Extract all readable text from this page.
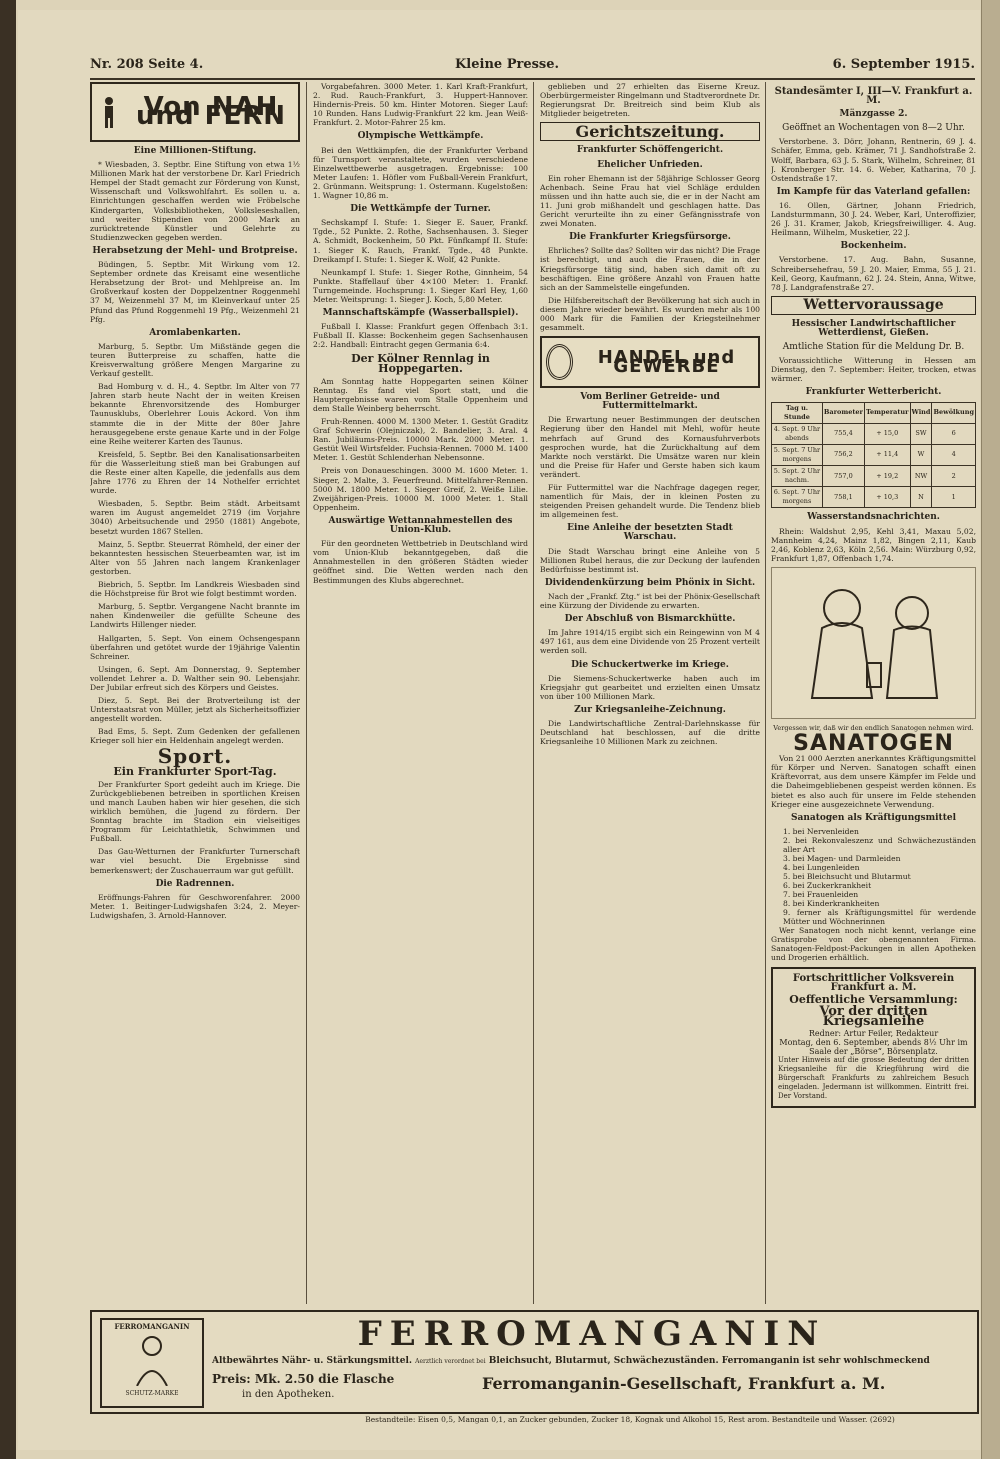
Nr. 208 Seite 4.	Kleine Presse.	6. September 1915.
Von NAH und FERN
Eine Millionen-Stiftung.

* Wiesbaden, 3. Septbr. Eine Stiftung von etwa 1½ Millionen Mark hat der verstorbene Dr. Karl Friedrich Hempel der Stadt gemacht zur Förderung von Kunst, Wissenschaft und Volkswohlfahrt. Es sollen u. a. Einrichtungen geschaffen werden wie Fröbelsche Kindergarten, Volksbibliotheken, Volksleseshallen, und weiter Stipendien von 2000 Mark an zurücktretende Künstler und Gelehrte zu Studienzwecken gegeben werden.

Herabsetzung der Mehl- und Brotpreise.

Büdingen, 5. Septbr. Mit Wirkung vom 12. September ordnete das Kreisamt eine wesentliche Herabsetzung der Brot- und Mehlpreise an. Im Großverkauf kosten der Doppelzentner Roggenmehl 37 M, Weizenmehl 37 M, im Kleinverkauf unter 25 Pfund das Pfund Roggenmehl 19 Pfg., Weizenmehl 21 Pfg.

Aromlabenkarten.

Marburg, 5. Septbr. Um Mißstände gegen die teuren Butterpreise zu schaffen, hatte die Kreisverwaltung größere Mengen Margarine zu Verkauf gestellt.

Bad Homburg v. d. H., 4. Septbr. Im Alter von 77 Jahren starb heute Nacht der in weiten Kreisen bekannte Ehrenvorsitzende des Homburger Taunusklubs, Oberlehrer Louis Ackord. Von ihm stammte die in der Mitte der 80er Jahre herausgegebene erste genaue Karte und in der Folge eine Reihe weiterer Karten des Taunus.

Kreisfeld, 5. Septbr. Bei den Kanalisationsarbeiten für die Wasserleitung stieß man bei Grabungen auf die Reste einer alten Kapelle, die jedenfalls aus dem Jahre 1776 zu Ehren der 14 Nothelfer errichtet wurde.

Wiesbaden, 5. Septbr. Beim städt. Arbeitsamt waren im August angemeldet 2719 (im Vorjahre 3040) Arbeitsuchende und 2950 (1881) Angebote, besetzt wurden 1867 Stellen.

Mainz, 5. Septbr. Steuerrat Römheld, der einer der bekanntesten hessischen Steuerbeamten war, ist im Alter von 55 Jahren nach langem Krankenlager gestorben.

Biebrich, 5. Septbr. Im Landkreis Wiesbaden sind die Höchstpreise für Brot wie folgt bestimmt worden.

Marburg, 5. Septbr. Vergangene Nacht brannte im nahen Kindenweiler die gefüllte Scheune des Landwirts Hillenger nieder.

Hallgarten, 5. Sept. Von einem Ochsengespann überfahren und getötet wurde der 19jährige Valentin Schreiner.

Usingen, 6. Sept. Am Donnerstag, 9. September vollendet Lehrer a. D. Walther sein 90. Lebensjahr. Der Jubilar erfreut sich des Körpers und Geistes.

Diez, 5. Sept. Bei der Brotverteilung ist der Unterstaatsrat von Müller, jetzt als Sicherheitsoffizier angestellt worden.

Bad Ems, 5. Sept. Zum Gedenken der gefallenen Krieger soll hier ein Heldenhain angelegt werden.

Sport.
Ein Frankfurter Sport-Tag.

Der Frankfurter Sport gedeiht auch im Kriege. Die Zurückgebliebenen betreiben in sportlichen Kreisen und manch Lauben haben wir hier gesehen, die sich wirklich bemühen, die Jugend zu fördern. Der Sonntag brachte im Stadion ein vielseitiges Programm für Leichtathletik, Schwimmen und Fußball.

Das Gau-Wetturnen der Frankfurter Turnerschaft war viel besucht. Die Ergebnisse sind bemerkenswert; der Zuschauerraum war gut gefüllt.

Die Radrennen.

Eröffnungs-Fahren für Geschworenfahrer. 2000 Meter. 1. Beitinger-Ludwigshafen 3:24, 2. Meyer-Ludwigshafen, 3. Arnold-Hannover.

Vorgabefahren. 3000 Meter. 1. Karl Kraft-Frankfurt, 2. Rud. Rauch-Frankfurt, 3. Huppert-Hannover. Hindernis-Preis. 50 km. Hinter Motoren. Sieger Lauf: 10 Runden. Hans Ludwig-Frankfurt 22 km. Jean Weiß-Frankfurt. 2. Motor-Fahrer 25 km.

Olympische Wettkämpfe.

Bei den Wettkämpfen, die der Frankfurter Verband für Turnsport veranstaltete, wurden verschiedene Einzelwettbewerbe ausgetragen. Ergebnisse: 100 Meter Laufen: 1. Höfler vom Fußball-Verein Frankfurt, 2. Grünmann. Weitsprung: 1. Ostermann. Kugelstoßen: 1. Wagner 10,86 m.

Die Wettkämpfe der Turner.

Sechskampf I. Stufe: 1. Sieger E. Sauer, Frankf. Tgde., 52 Punkte. 2. Rothe, Sachsenhausen. 3. Sieger A. Schmidt, Bockenheim, 50 Pkt. Fünfkampf II. Stufe: 1. Sieger K. Rauch, Frankf. Tgde., 48 Punkte. Dreikampf I. Stufe: 1. Sieger K. Wolf, 42 Punkte.

Neunkampf I. Stufe: 1. Sieger Rothe, Ginnheim, 54 Punkte. Staffellauf über 4×100 Meter: 1. Frankf. Turngemeinde. Hochsprung: 1. Sieger Karl Hey, 1,60 Meter. Weitsprung: 1. Sieger J. Koch, 5,80 Meter.

Mannschaftskämpfe (Wasserballspiel).

Fußball I. Klasse: Frankfurt gegen Offenbach 3:1. Fußball II. Klasse: Bockenheim gegen Sachsenhausen 2:2. Handball: Eintracht gegen Germania 6:4.

Der Kölner Rennlag in Hoppegarten.

Am Sonntag hatte Hoppegarten seinen Kölner Renntag. Es fand viel Sport statt, und die Hauptergebnisse waren vom Stalle Oppenheim und dem Stalle Weinberg beherrscht.

Fruh-Rennen. 4000 M. 1300 Meter. 1. Gestüt Graditz Graf Schwerin (Olejniczak), 2. Bandelier, 3. Aral. 4 Ran. Jubiläums-Preis. 10000 Mark. 2000 Meter. 1. Gestüt Weil Wirtsfelder. Fuchsia-Rennen. 7000 M. 1400 Meter. 1. Gestüt Schlenderhan Nebensonne.

Preis von Donaueschingen. 3000 M. 1600 Meter. 1. Sieger, 2. Malte, 3. Feuerfreund. Mittelfahrer-Rennen. 5000 M. 1800 Meter. 1. Sieger Greif, 2. Weiße Lilie. Zweijährigen-Preis. 10000 M. 1000 Meter. 1. Stall Oppenheim.

Auswärtige Wettannahmestellen des Union-Klub.

Für den geordneten Wettbetrieb in Deutschland wird vom Union-Klub bekanntgegeben, daß die Annahmestellen in den größeren Städten wieder geöffnet sind. Die Wetten werden nach den Bestimmungen des Klubs abgerechnet.

geblieben und 27 erhielten das Eiserne Kreuz. Oberbürgermeister Ringelmann und Stadtverordnete Dr. Regierungsrat Dr. Breitreich sind beim Klub als Mitglieder beigetreten.

Gerichtszeitung.
Frankfurter Schöffengericht.
Ehelicher Unfrieden.

Ein roher Ehemann ist der 58jährige Schlosser Georg Achenbach. Seine Frau hat viel Schläge erdulden müssen und ihn hatte auch sie, die er in der Nacht am 11. Juni grob mißhandelt und geschlagen hatte. Das Gericht verurteilte ihn zu einer Gefängnisstrafe von zwei Monaten.

Die Frankfurter Kriegsfürsorge.

Ehrliches? Sollte das? Sollten wir das nicht? Die Frage ist berechtigt, und auch die Frauen, die in der Kriegsfürsorge tätig sind, haben sich damit oft zu beschäftigen. Eine größere Anzahl von Frauen hatte sich an der Sammelstelle eingefunden.

Die Hilfsbereitschaft der Bevölkerung hat sich auch in diesem Jahre wieder bewährt. Es wurden mehr als 100 000 Mark für die Familien der Kriegsteilnehmer gesammelt.

HANDEL und GEWERBE
Vom Berliner Getreide- und Futtermittelmarkt.

Die Erwartung neuer Bestimmungen der deutschen Regierung über den Handel mit Mehl, wofür heute mehrfach auf Grund des Kornausfuhrverbots gesprochen wurde, hat die Zurückhaltung auf dem Markte noch verstärkt. Die Umsätze waren nur klein und die Preise für Hafer und Gerste haben sich kaum verändert.

Für Futtermittel war die Nachfrage dagegen reger, namentlich für Mais, der in kleinen Posten zu steigenden Preisen gehandelt wurde. Die Tendenz blieb im allgemeinen fest.

Eine Anleihe der besetzten Stadt Warschau.

Die Stadt Warschau bringt eine Anleihe von 5 Millionen Rubel heraus, die zur Deckung der laufenden Bedürfnisse bestimmt ist.

Dividendenkürzung beim Phönix in Sicht.

Nach der „Frankf. Ztg.“ ist bei der Phönix-Gesellschaft eine Kürzung der Dividende zu erwarten.

Der Abschluß von Bismarckhütte.

Im Jahre 1914/15 ergibt sich ein Reingewinn von M 4 497 161, aus dem eine Dividende von 25 Prozent verteilt werden soll.

Die Schuckertwerke im Kriege.

Die Siemens-Schuckertwerke haben auch im Kriegsjahr gut gearbeitet und erzielten einen Umsatz von über 100 Millionen Mark.

Zur Kriegsanleihe-Zeichnung.

Die Landwirtschaftliche Zentral-Darlehnskasse für Deutschland hat beschlossen, auf die dritte Kriegsanleihe 10 Millionen Mark zu zeichnen.

Standesämter I, III—V. Frankfurt a. M.
Mänzgasse 2.
Geöffnet an Wochentagen von 8—2 Uhr.

Verstorbene. 3. Dörr, Johann, Rentnerin, 69 J. 4. Schäfer, Emma, geb. Krämer, 71 J. Sandhofstraße 2. Wolff, Barbara, 63 J. 5. Stark, Wilhelm, Schreiner, 81 J. Kronberger Str. 14. 6. Weber, Katharina, 70 J. Ostendstraße 17.

Im Kampfe für das Vaterland gefallen:

16. Ollen, Gärtner, Johann Friedrich, Landsturmmann, 30 J. 24. Weber, Karl, Unteroffizier, 26 J. 31. Kramer, Jakob, Kriegsfreiwilliger. 4. Aug. Heilmann, Wilhelm, Musketier, 22 J.

Bockenheim.

Verstorbene. 17. Aug. Bahn, Susanne, Schreibersehefrau, 59 J. 20. Maier, Emma, 55 J. 21. Keil, Georg, Kaufmann, 62 J. 24. Stein, Anna, Witwe, 78 J. Landgrafenstraße 27.

Wettervoraussage
Hessischer Landwirtschaftlicher Wetterdienst, Gießen.
Amtliche Station für die Meldung Dr. B.

Voraussichtliche Witterung in Hessen am Dienstag, den 7. September: Heiter, trocken, etwas wärmer.

Frankfurter Wetterbericht.
Tag u. Stunde	Barometer	Temperatur	Wind	Bewölkung
4. Sept. 9 Uhr abends	755,4	+ 15,0	SW	6
5. Sept. 7 Uhr morgens	756,2	+ 11,4	W	4
5. Sept. 2 Uhr nachm.	757,0	+ 19,2	NW	2
6. Sept. 7 Uhr morgens	758,1	+ 10,3	N	1
Wasserstandsnachrichten.

Rhein: Waldshut 2,95, Kehl 3,41, Maxau 5,02, Mannheim 4,24, Mainz 1,82, Bingen 2,11, Kaub 2,46, Koblenz 2,63, Köln 2,56. Main: Würzburg 0,92, Frankfurt 1,87, Offenbach 1,74.

Vergessen wir, daß wir den endlich Sanatogen nehmen wird.
SANATOGEN

Von 21 000 Aerzten anerkanntes Kräftigungsmittel für Körper und Nerven. Sanatogen schafft einen Kräftevorrat, aus dem unsere Kämpfer im Felde und die Daheimgebliebenen gespeist werden können. Es bietet es also auch für unsere im Felde stehenden Krieger eine ausgezeichnete Verwendung.

Sanatogen als Kräftigungsmittel
1. bei Nervenleiden
2. bei Rekonvaleszenz und Schwächezuständen aller Art
3. bei Magen- und Darmleiden
4. bei Lungenleiden
5. bei Bleichsucht und Blutarmut
6. bei Zuckerkrankheit
7. bei Frauenleiden
8. bei Kinderkrankheiten
9. ferner als Kräftigungsmittel für werdende Mütter und Wöchnerinnen

Wer Sanatogen noch nicht kennt, verlange eine Gratisprobe von der obengenannten Firma. Sanatogen-Feldpost-Packungen in allen Apotheken und Drogerien erhältlich.

Fortschrittlicher Volksverein Frankfurt a. M.
Oeffentliche Versammlung:
Vor der dritten Kriegsanleihe
Redner: Artur Feiler, Redakteur
Montag, den 6. September, abends 8½ Uhr im Saale der „Börse“, Börsenplatz.
Unter Hinweis auf die grosse Bedeutung der dritten Kriegsanleihe für die Kriegführung wird die Bürgerschaft Frankfurts zu zahlreichem Besuch eingeladen. Jedermann ist willkommen. Eintritt frei. Der Vorstand.
FERROMANGANIN
SCHUTZ-MARKE
FERROMANGANIN
Altbewährtes Nähr- u. Stärkungsmittel. Aerztlich verordnet bei Bleichsucht, Blutarmut, Schwächezuständen. Ferromanganin ist sehr wohlschmeckend
Preis: Mk. 2.50 die Flasche
in den Apotheken.
Ferromanganin-Gesellschaft, Frankfurt a. M.
Bestandteile: Eisen 0,5, Mangan 0,1, an Zucker gebunden, Zucker 18, Kognak und Alkohol 15, Rest arom. Bestandteile und Wasser. (2692)
